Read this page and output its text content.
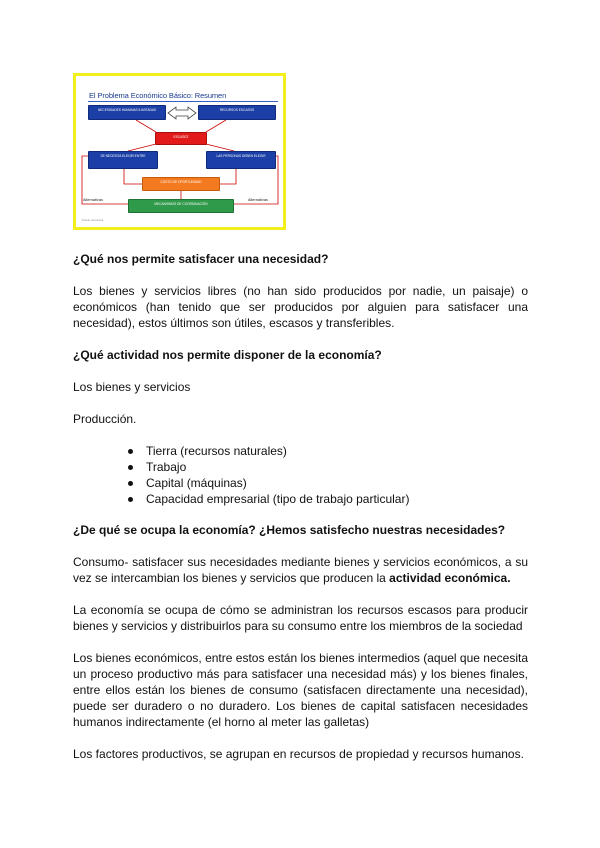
El Problema Económico Básico: Resumen
NECESIDADES HUMANAS ILIMITADAS	RECURSOS ESCASOS
ESCASEZ
SE NECESITA ELEGIR ENTRE	LAS PERSONAS DEBEN ELEGIR
COSTO DE OPORTUNIDAD
MECANISMOS DE COORDINACIÓN
Alternativas	Alternativas
Fuente: Economía

¿Qué nos permite satisfacer una necesidad?

Los bienes y servicios libres (no han sido producidos por nadie, un paisaje) o económicos (han tenido que ser producidos por alguien para satisfacer una necesidad), estos últimos son útiles, escasos y transferibles.

¿Qué actividad nos permite disponer de la economía?

Los bienes y servicios

Producción.

Tierra (recursos naturales)
Trabajo
Capital (máquinas)
Capacidad empresarial (tipo de trabajo particular)

¿De qué se ocupa la economía? ¿Hemos satisfecho nuestras necesidades?

Consumo- satisfacer sus necesidades mediante bienes y servicios económicos, a su vez se intercambian los bienes y servicios que producen la actividad económica.

La economía se ocupa de cómo se administran los recursos escasos para producir bienes y servicios y distribuirlos para su consumo entre los miembros de la sociedad

Los bienes económicos, entre estos están los bienes intermedios (aquel que necesita un proceso productivo más para satisfacer una necesidad más) y los bienes finales, entre ellos están los bienes de consumo (satisfacen directamente una necesidad), puede ser duradero o no duradero. Los bienes de capital satisfacen necesidades humanos indirectamente (el horno al meter las galletas)

Los factores productivos, se agrupan en recursos de propiedad y recursos humanos.
